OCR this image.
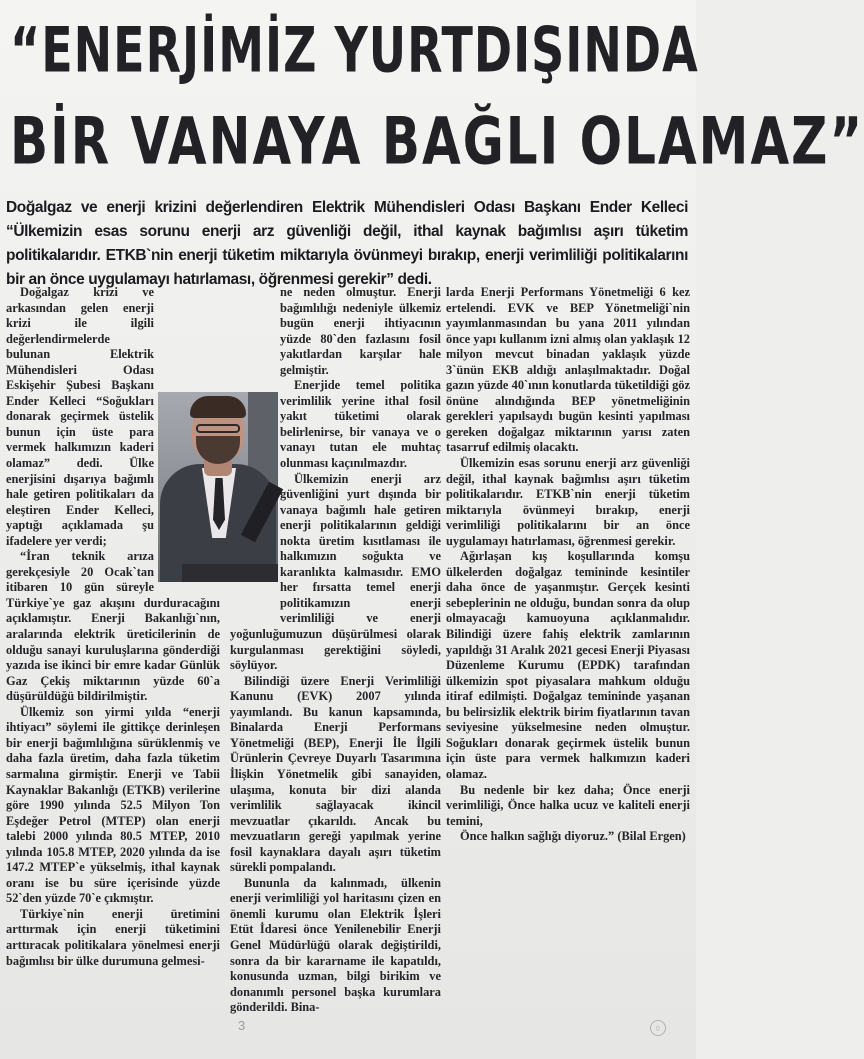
“ENERJİMİZ YURTDIŞINDA
BİR VANAYA BAĞLI OLAMAZ”

Doğalgaz ve enerji krizini değerlendiren Elektrik Mühendisleri Odası Başkanı Ender Kelleci “Ülkemizin esas sorunu enerji arz güvenliği değil, ithal kaynak bağımlısı aşırı tüketim politikalarıdır. ETKB`nin enerji tüketim miktarıyla övünmeyi bırakıp, enerji verimliliği politikalarını bir an önce uygulamayı hatırlaması, öğrenmesi gerekir” dedi.

Doğalgaz krizi ve arkasından gelen enerji krizi ile ilgili değerlendirmelerde bulunan Elektrik Mühendisleri Odası Eskişehir Şubesi Başkanı Ender Kelleci “Soğukları donarak geçirmek üstelik bunun için üste para vermek halkımızın kaderi olamaz” dedi. Ülke enerjisini dışarıya bağımlı hale getiren politikaları da eleştiren Ender Kelleci, yaptığı açıklamada şu ifadelere yer verdi;

“İran teknik arıza gerekçesiyle 20 Ocak`tan itibaren 10 gün süreyle Türkiye`ye gaz akışını durduracağını açıklamıştır. Enerji Bakanlığı`nın, aralarında elektrik üreticilerinin de olduğu sanayi kuruluşlarına gönderdiği yazıda ise ikinci bir emre kadar Günlük Gaz Çekiş miktarının yüzde 60`a düşürüldüğü bildirilmiştir.

Ülkemiz son yirmi yılda “enerji ihtiyacı” söylemi ile gittikçe derinleşen bir enerji bağımlılığına sürüklenmiş ve daha fazla üretim, daha fazla tüketim sarmalına girmiştir. Enerji ve Tabii Kaynaklar Bakanlığı (ETKB) verilerine göre 1990 yılında 52.5 Milyon Ton Eşdeğer Petrol (MTEP) olan enerji talebi 2000 yılında 80.5 MTEP, 2010 yılında 105.8 MTEP, 2020 yılında da ise 147.2 MTEP`e yükselmiş, ithal kaynak oranı ise bu süre içerisinde yüzde 52`den yüzde 70`e çıkmıştır.

Türkiye`nin enerji üretimini arttırmak için enerji tüketimini arttıracak politikalara yönelmesi enerji bağımlısı bir ülke durumuna gelmesi-

ne neden olmuştur. Enerji bağımlılığı nedeniyle ülkemiz bugün enerji ihtiyacının yüzde 80`den fazlasını fosil yakıtlardan karşılar hale gelmiştir.

Enerjide temel politika verimlilik yerine ithal fosil yakıt tüketimi olarak belirlenirse, bir vanaya ve o vanayı tutan ele muhtaç olunması kaçınılmazdır.

Ülkemizin enerji arz güvenliğini yurt dışında bir vanaya bağımlı hale getiren enerji politikalarının geldiği nokta üretim kısıtlaması ile halkımızın soğukta ve karanlıkta kalmasıdır. EMO her fırsatta temel enerji politikamızın enerji verimliliği ve enerji yoğunluğumuzun düşürülmesi olarak kurgulanması gerektiğini söyledi, söylüyor.

Bilindiği üzere Enerji Verimliliği Kanunu (EVK) 2007 yılında yayımlandı. Bu kanun kapsamında, Binalarda Enerji Performans Yönetmeliği (BEP), Enerji İle İlgili Ürünlerin Çevreye Duyarlı Tasarımına İlişkin Yönetmelik gibi sanayiden, ulaşıma, konuta bir dizi alanda verimlilik sağlayacak ikincil mevzuatlar çıkarıldı. Ancak bu mevzuatların gereği yapılmak yerine fosil kaynaklara dayalı aşırı tüketim sürekli pompalandı.

Bununla da kalınmadı, ülkenin enerji verimliliği yol haritasını çizen en önemli kurumu olan Elektrik İşleri Etüt İdaresi önce Yenilenebilir Enerji Genel Müdürlüğü olarak değiştirildi, sonra da bir kararname ile kapatıldı, konusunda uzman, bilgi birikim ve donanımlı personel başka kurumlara gönderildi. Bina-

larda Enerji Performans Yönetmeliği 6 kez ertelendi. EVK ve BEP Yönetmeliği`nin yayımlanmasından bu yana 2011 yılından önce yapı kullanım izni almış olan yaklaşık 12 milyon mevcut binadan yaklaşık yüzde 3`ünün EKB aldığı anlaşılmaktadır. Doğal gazın yüzde 40`ının konutlarda tüketildiği göz önüne alındığında BEP yönetmeliğinin gerekleri yapılsaydı bugün kesinti yapılması gereken doğalgaz miktarının yarısı zaten tasarruf edilmiş olacaktı.

Ülkemizin esas sorunu enerji arz güvenliği değil, ithal kaynak bağımlısı aşırı tüketim politikalarıdır. ETKB`nin enerji tüketim miktarıyla övünmeyi bırakıp, enerji verimliliği politikalarını bir an önce uygulamayı hatırlaması, öğrenmesi gerekir.

Ağırlaşan kış koşullarında komşu ülkelerden doğalgaz temininde kesintiler daha önce de yaşanmıştır. Gerçek kesinti sebeplerinin ne olduğu, bundan sonra da olup olmayacağı kamuoyuna açıklanmalıdır. Bilindiği üzere fahiş elektrik zamlarının yapıldığı 31 Aralık 2021 gecesi Enerji Piyasası Düzenleme Kurumu (EPDK) tarafından ülkemizin spot piyasalara mahkum olduğu itiraf edilmişti. Doğalgaz temininde yaşanan bu belirsizlik elektrik birim fiyatlarının tavan seviyesine yükselmesine neden olmuştur. Soğukları donarak geçirmek üstelik bunun için üste para vermek halkımızın kaderi olamaz.

Bu nedenle bir kez daha; Önce enerji verimliliği, Önce halka ucuz ve kaliteli enerji temini,

Önce halkın sağlığı diyoruz.” (Bilal Ergen)

3	○
